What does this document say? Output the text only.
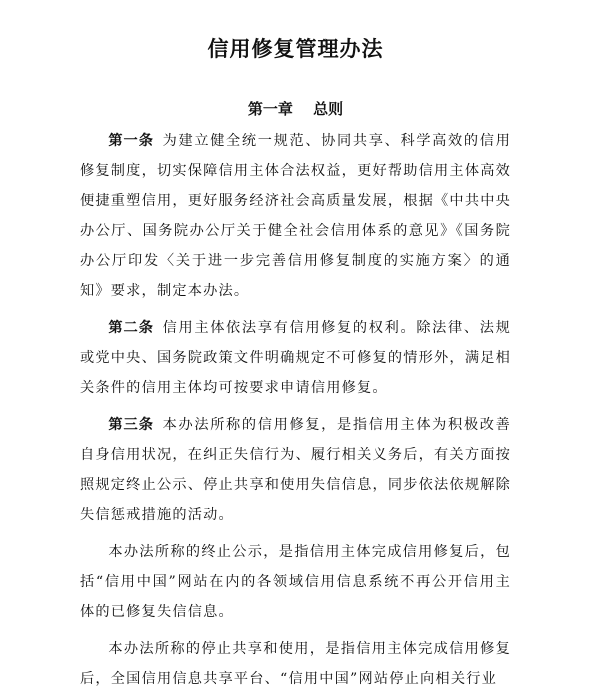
信用修复管理办法
第一章　 总则

第一条  为建立健全统一规范、协同共享、科学高效的信用修复制度，切实保障信用主体合法权益，更好帮助信用主体高效便捷重塑信用，更好服务经济社会高质量发展，根据《中共中央办公厅、国务院办公厅关于健全社会信用体系的意见》《国务院办公厅印发〈关于进一步完善信用修复制度的实施方案〉的通知》要求，制定本办法。

第二条  信用主体依法享有信用修复的权利。除法律、法规或党中央、国务院政策文件明确规定不可修复的情形外，满足相关条件的信用主体均可按要求申请信用修复。

第三条  本办法所称的信用修复，是指信用主体为积极改善自身信用状况，在纠正失信行为、履行相关义务后，有关方面按照规定终止公示、停止共享和使用失信信息，同步依法依规解除失信惩戒措施的活动。

本办法所称的终止公示，是指信用主体完成信用修复后，包括“信用中国”网站在内的各领域信用信息系统不再公开信用主体的已修复失信信息。

本办法所称的停止共享和使用，是指信用主体完成信用修复后，全国信用信息共享平台、“信用中国”网站停止向相关行业
